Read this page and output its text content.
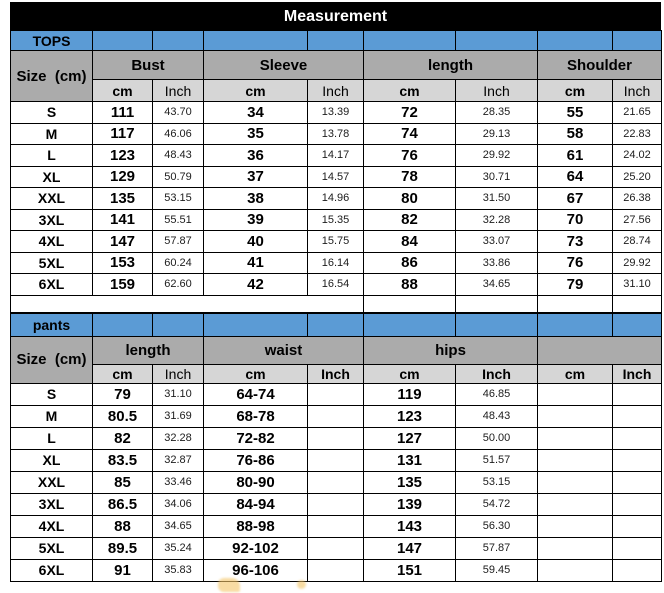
Measurement
TOPS								
Size  (cm)	Bust		Sleeve		length		Shoulder	
	cm	Inch	cm	Inch	cm	Inch	cm	Inch
S	111	43.70	34	13.39	72	28.35	55	21.65
M	117	46.06	35	13.78	74	29.13	58	22.83
L	123	48.43	36	14.17	76	29.92	61	24.02
XL	129	50.79	37	14.57	78	30.71	64	25.20
XXL	135	53.15	38	14.96	80	31.50	67	26.38
3XL	141	55.51	39	15.35	82	32.28	70	27.56
4XL	147	57.87	40	15.75	84	33.07	73	28.74
5XL	153	60.24	41	16.14	86	33.86	76	29.92
6XL	159	62.60	42	16.54	88	34.65	79	31.10

pants								
Size  (cm)	length		waist		hips			
	cm	Inch	cm	Inch	cm	Inch	cm	Inch
S	79	31.10	64-74		119	46.85		
M	80.5	31.69	68-78		123	48.43		
L	82	32.28	72-82		127	50.00		
XL	83.5	32.87	76-86		131	51.57		
XXL	85	33.46	80-90		135	53.15		
3XL	86.5	34.06	84-94		139	54.72		
4XL	88	34.65	88-98		143	56.30		
5XL	89.5	35.24	92-102		147	57.87		
6XL	91	35.83	96-106		151	59.45		
